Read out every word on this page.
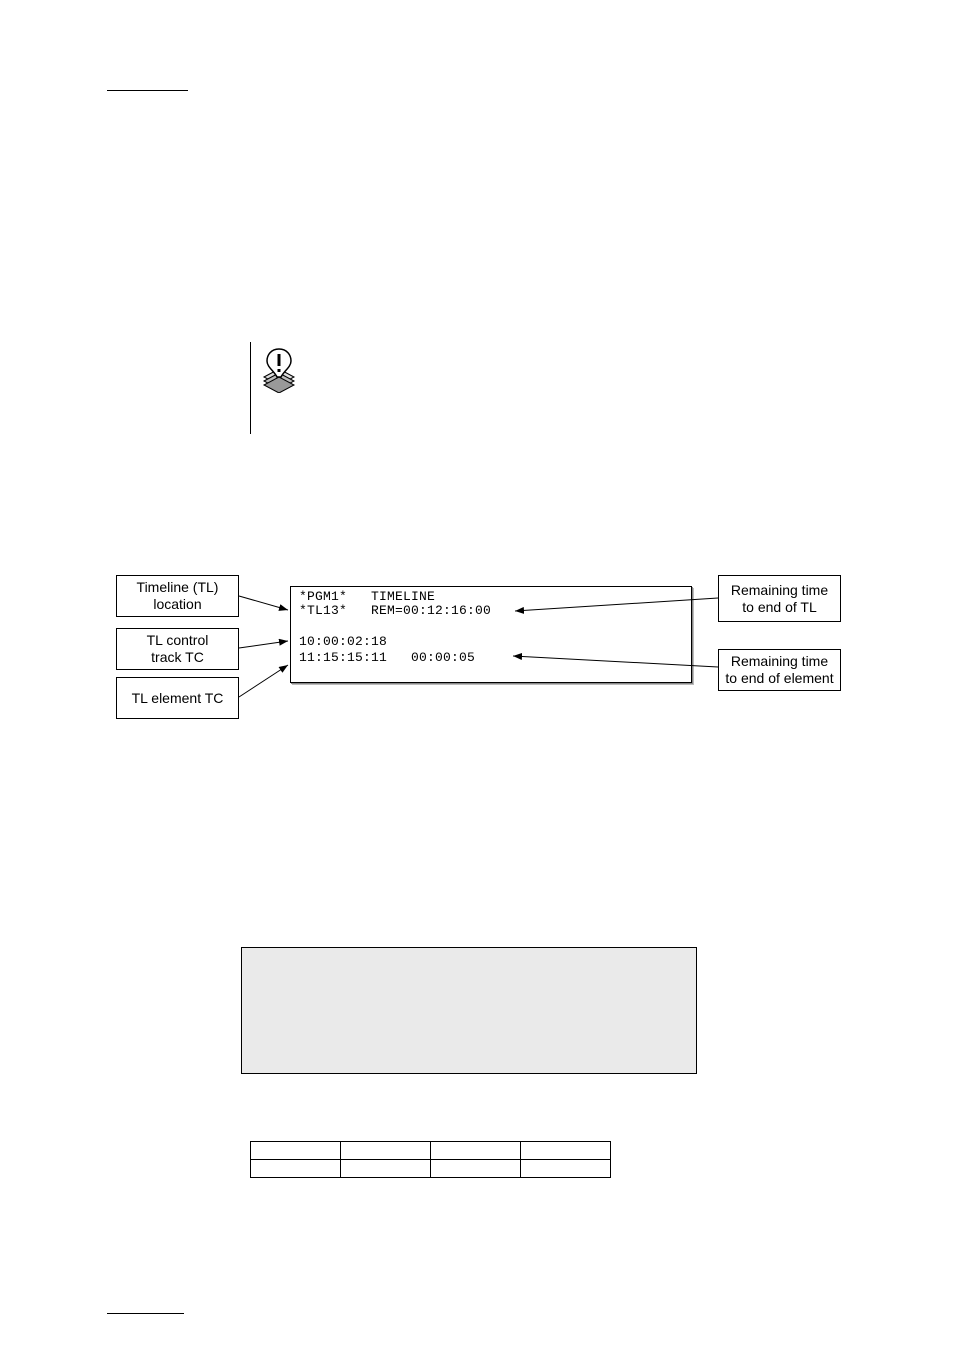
Timeline (TL)
location
TL control
track TC
TL element TC
Remaining time
to end of TL
Remaining time
to end of element
*PGM1*   TIMELINE
*TL13*   REM=00:12:16:00
10:00:02:18
11:15:15:11   00:00:05
